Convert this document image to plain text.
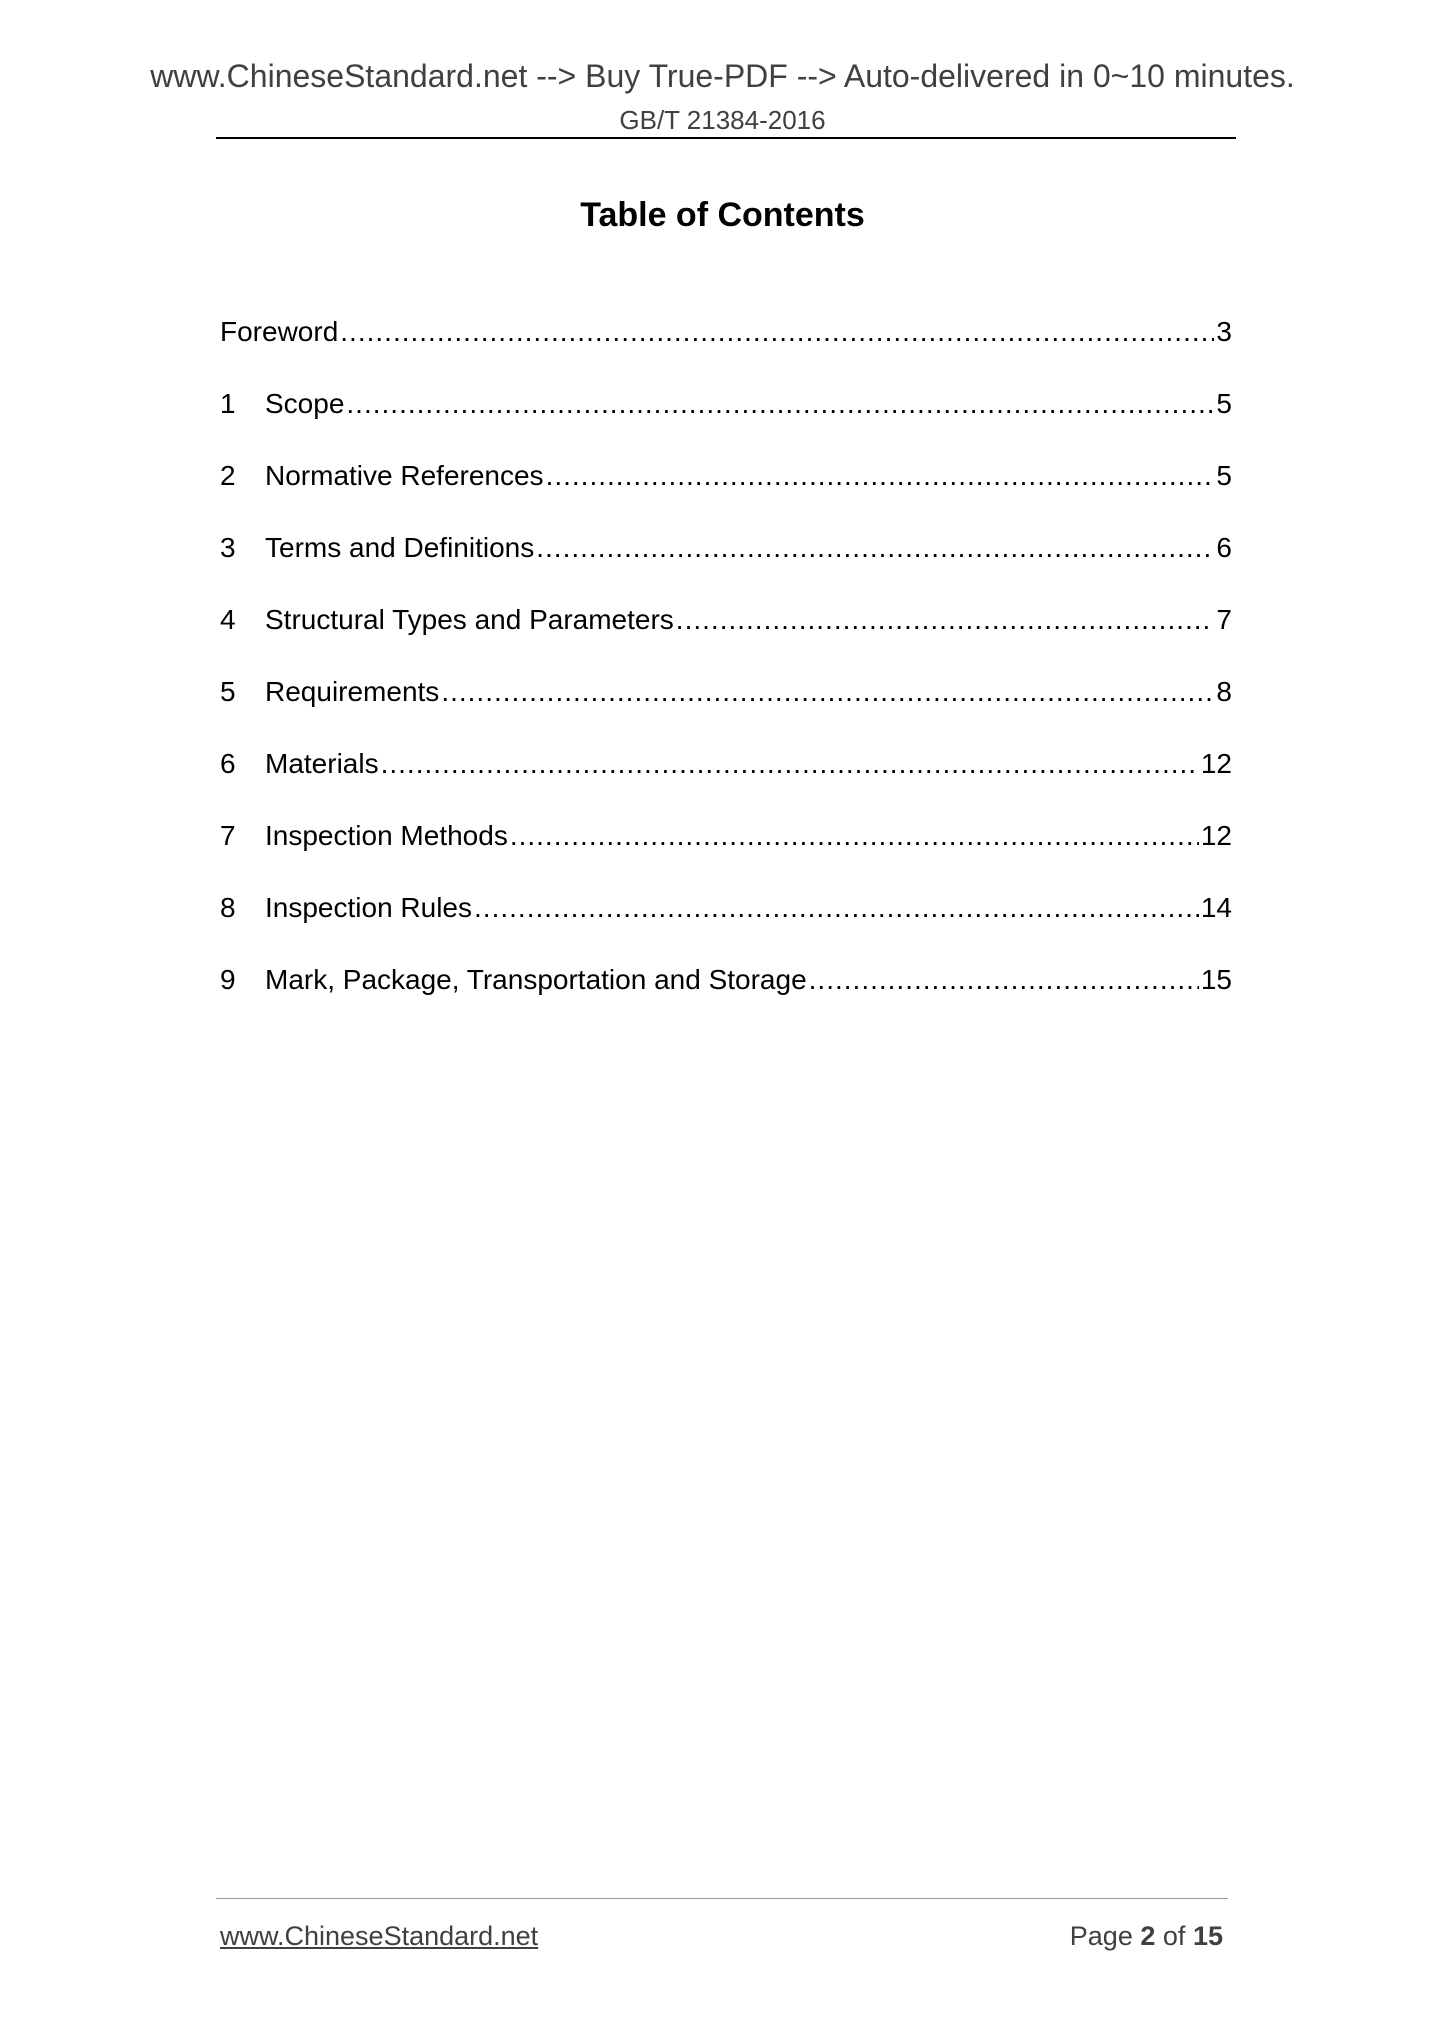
www.ChineseStandard.net --> Buy True-PDF --> Auto-delivered in 0~10 minutes.
GB/T 21384-2016
Table of Contents
Foreword .....	3
1	Scope .....	5
2	Normative References .....	5
3	Terms and Definitions .....	6
4	Structural Types and Parameters .....	7
5	Requirements .....	8
6	Materials .....	12
7	Inspection Methods .....	12
8	Inspection Rules .....	14
9	Mark, Package, Transportation and Storage .....	15
www.ChineseStandard.net	Page 2 of 15
